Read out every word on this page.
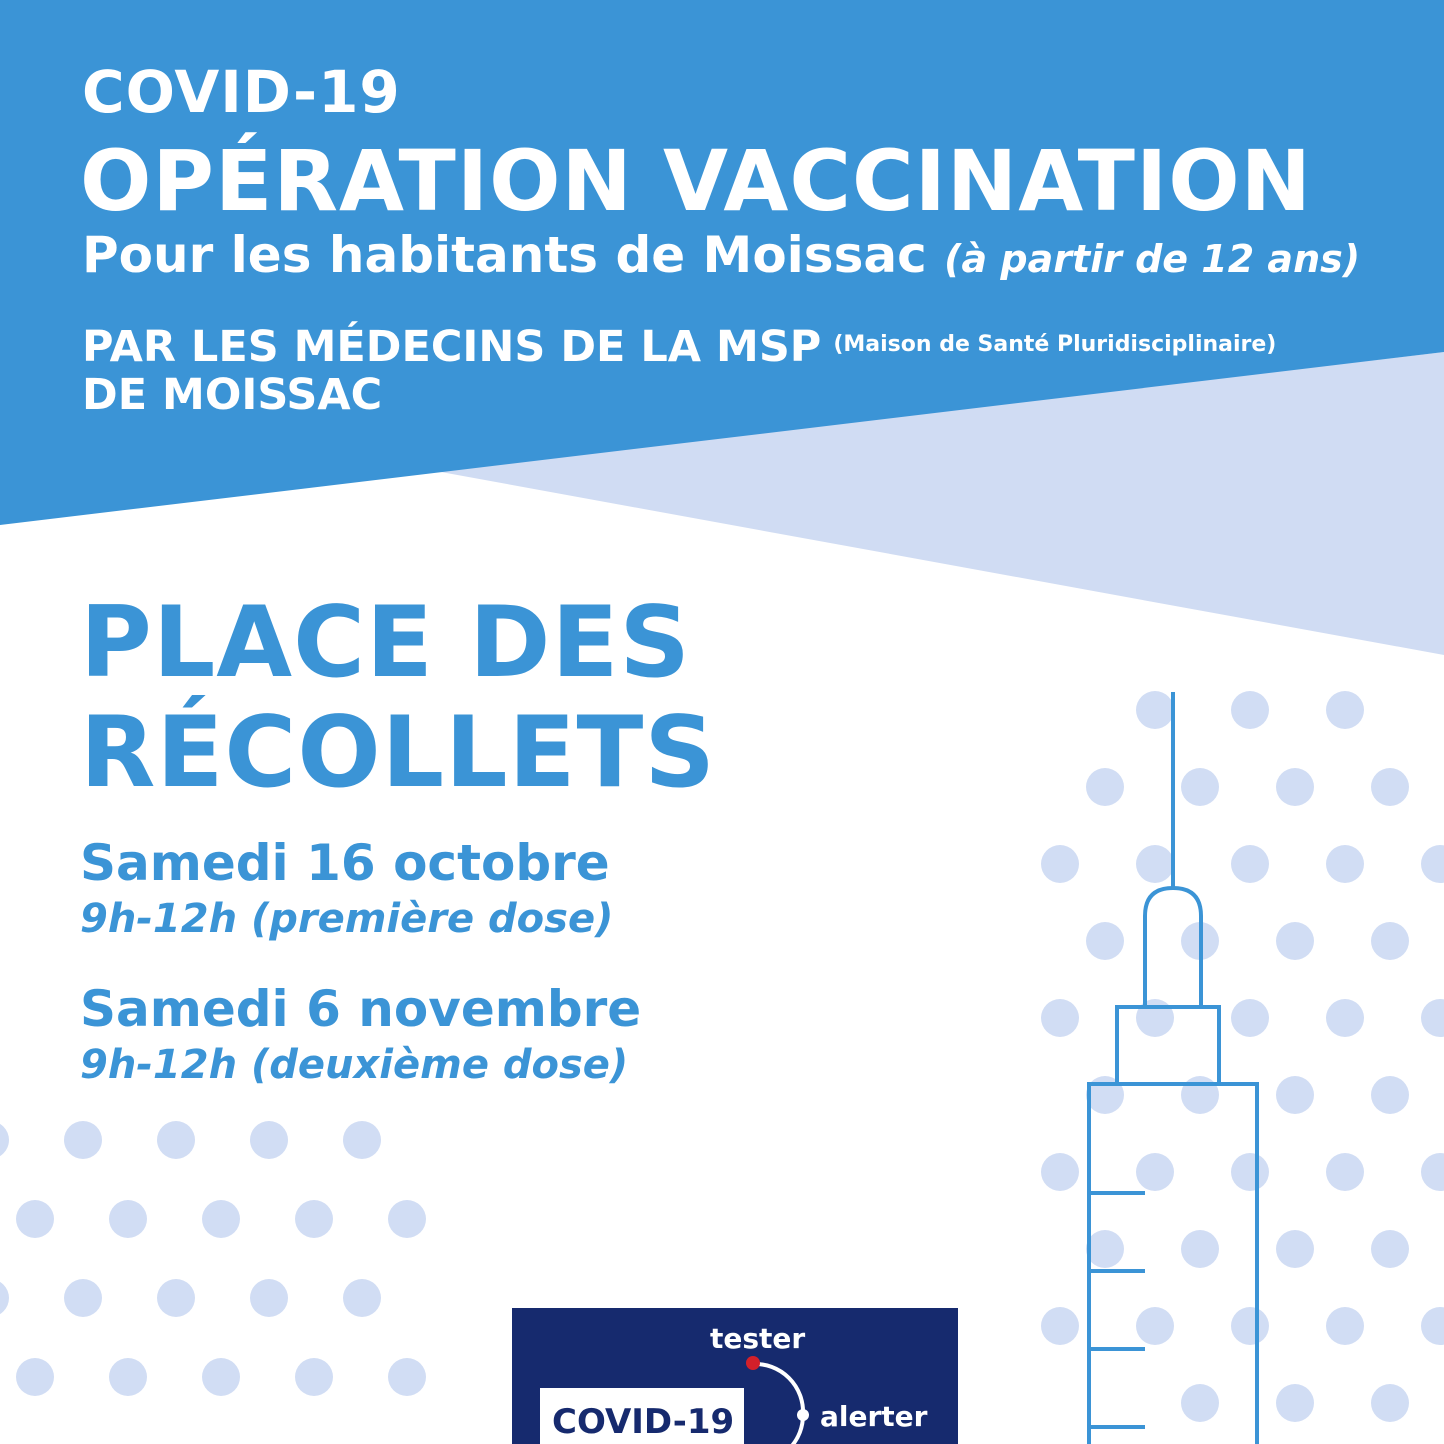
COVID-19
OPÉRATION VACCINATION
Pour les habitants de Moissac (à partir de 12 ans)
PAR LES MÉDECINS DE LA MSP $^{(Maison de Santé Pluridisciplinaire)}$
DE MOISSAC
PLACE DES
RÉCOLLETS
Samedi 16 octobre
9h-12h (première dose)
Samedi 6 novembre
9h-12h (deuxième dose)
tester
alerter
COVID-19
